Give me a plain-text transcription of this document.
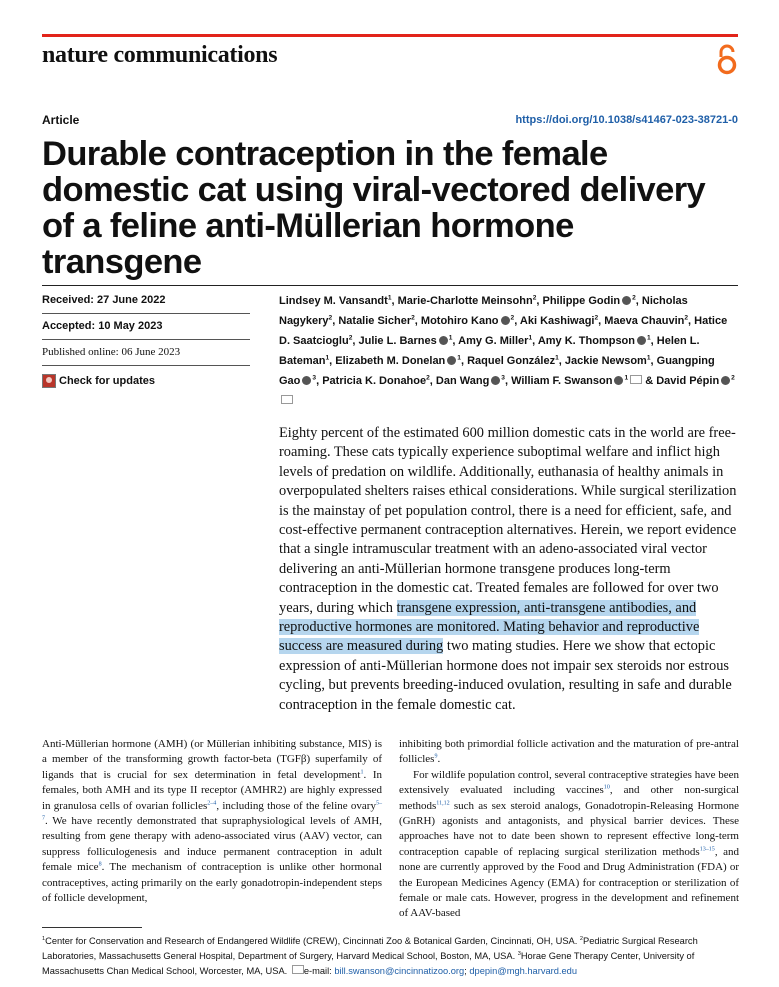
nature communications
Article	https://doi.org/10.1038/s41467-023-38721-0
Durable contraception in the female domestic cat using viral-vectored delivery of a feline anti-Müllerian hormone transgene
Received: 27 June 2022
Accepted: 10 May 2023
Published online: 06 June 2023
Check for updates

Lindsey M. Vansandt$^1$, Marie-Charlotte Meinsohn$^2$, Philippe Godin $^2$, Nicholas Nagykery$^2$, Natalie Sicher$^2$, Motohiro Kano $^2$, Aki Kashiwagi$^2$, Maeva Chauvin$^2$, Hatice D. Saatcioglu$^2$, Julie L. Barnes $^1$, Amy G. Miller$^1$, Amy K. Thompson $^1$, Helen L. Bateman$^1$, Elizabeth M. Donelan $^1$, Raquel González$^1$, Jackie Newsom$^1$, Guangping Gao $^3$, Patricia K. Donahoe$^2$, Dan Wang $^3$, William F. Swanson $^1$ & David Pépin $^2$

Eighty percent of the estimated 600 million domestic cats in the world are free-roaming. These cats typically experience suboptimal welfare and inflict high levels of predation on wildlife. Additionally, euthanasia of healthy animals in overpopulated shelters raises ethical considerations. While surgical sterilization is the mainstay of pet population control, there is a need for efficient, safe, and cost-effective permanent contraception alternatives. Herein, we report evidence that a single intramuscular treatment with an adeno-associated viral vector delivering an anti-Müllerian hormone transgene produces long-term contraception in the domestic cat. Treated females are followed for over two years, during which transgene expression, anti-transgene antibodies, and reproductive hormones are monitored. Mating behavior and reproductive success are measured during two mating studies. Here we show that ectopic expression of anti-Müllerian hormone does not impair sex steroids nor estrous cycling, but prevents breeding-induced ovulation, resulting in safe and durable contraception in the female domestic cat.

Anti-Müllerian hormone (AMH) (or Müllerian inhibiting substance, MIS) is a member of the transforming growth factor-beta (TGFβ) superfamily of ligands that is crucial for sex determination in fetal development$^1$. In females, both AMH and its type II receptor (AMHR2) are highly expressed in granulosa cells of ovarian follicles$^{2-4}$, including those of the feline ovary$^{5-7}$. We have recently demonstrated that supraphysiological levels of AMH, resulting from gene therapy with adeno-associated virus (AAV) vector, can suppress folliculogenesis and induce permanent contraception in adult female mice$^8$. The mechanism of contraception is unlike other hormonal contraceptives, acting primarily on the early gonadotropin-independent steps of follicle development,

inhibiting both primordial follicle activation and the maturation of pre-antral follicles$^9$.
For wildlife population control, several contraceptive strategies have been extensively evaluated including vaccines$^{10}$, and other non-surgical methods$^{11,12}$ such as sex steroid analogs, Gonadotropin-Releasing Hormone (GnRH) agonists and antagonists, and physical barrier devices. These approaches have not to date been shown to represent effective long-term contraception capable of replacing surgical sterilization methods$^{13-15}$, and none are currently approved by the Food and Drug Administration (FDA) or the European Medicines Agency (EMA) for contraception or sterilization of female or male cats. However, progress in the development and refinement of AAV-based

$^1$Center for Conservation and Research of Endangered Wildlife (CREW), Cincinnati Zoo & Botanical Garden, Cincinnati, OH, USA. $^2$Pediatric Surgical Research Laboratories, Massachusetts General Hospital, Department of Surgery, Harvard Medical School, Boston, MA, USA. $^3$Horae Gene Therapy Center, University of Massachusetts Chan Medical School, Worcester, MA, USA. e-mail: bill.swanson@cincinnatizoo.org; dpepin@mgh.harvard.edu
